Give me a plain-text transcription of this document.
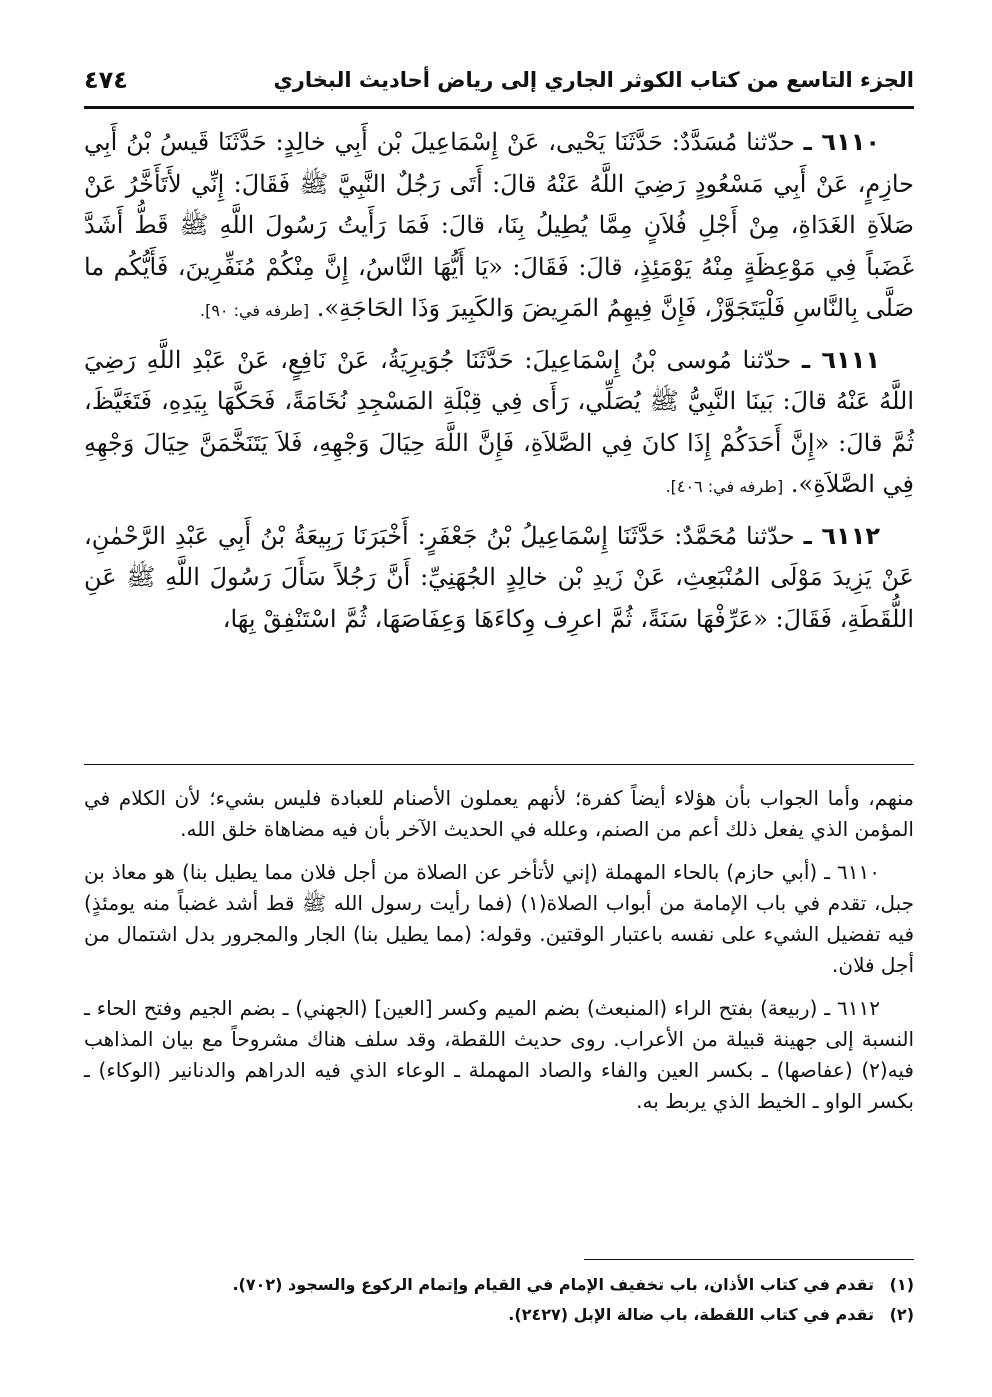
الجزء التاسع من كتاب الكوثر الجاري إلى رياض أحاديث البخاري
٤٧٤

٦١١٠ ـ حدّثنا مُسَدَّدٌ: حَدَّثَنَا يَحْيى، عَنْ إِسْمَاعِيلَ بْن أَبِي خالِدٍ: حَدَّثَنَا قَيسُ بْنُ أَبِي حازِمٍ، عَنْ أَبِي مَسْعُودٍ رَضِيَ اللَّهُ عَنْهُ قالَ: أَتَى رَجُلٌ النَّبِيَّ ﷺ فَقَالَ: إِنِّي لأَتَأَخَّرُ عَنْ صَلاَةِ الغَدَاةِ، مِنْ أَجْلِ فُلاَنٍ مِمَّا يُطِيلُ بِنَا، قالَ: فَمَا رَأَيتُ رَسُولَ اللَّهِ ﷺ قَطُّ أَشَدَّ غَضَباً فِي مَوْعِظَةٍ مِنْهُ يَوْمَئِذٍ، قالَ: فَقَالَ: «يَا أَيُّهَا النَّاسُ، إِنَّ مِنْكُمْ مُنَفِّرِينَ، فَأَيُّكُم ما صَلَّى بِالنَّاسِ فَلْيَتَجَوَّزْ، فَإِنَّ فِيهِمُ المَرِيضَ وَالكَبِيرَ وَذَا الحَاجَةِ». [طرفه في: ٩٠].

٦١١١ ـ حدّثنا مُوسى بْنُ إِسْمَاعِيلَ: حَدَّثَنَا جُوَيرِيَةُ، عَنْ نَافِعٍ، عَنْ عَبْدِ اللَّهِ رَضِيَ اللَّهُ عَنْهُ قالَ: بَينَا النَّبِيُّ ﷺ يُصَلِّي، رَأَى فِي قِبْلَةِ المَسْجِدِ نُخَامَةً، فَحَكَّهَا بِيَدِهِ، فَتَغَيَّظَ، ثُمَّ قالَ: «إِنَّ أَحَدَكُمْ إِذَا كانَ فِي الصَّلاَةِ، فَإِنَّ اللَّهَ حِيَالَ وَجْهِهِ، فَلاَ يَتَنَخَّمَنَّ حِيَالَ وَجْهِهِ فِي الصَّلاَةِ». [طرفه في: ٤٠٦].

٦١١٢ ـ حدّثنا مُحَمَّدٌ: حَدَّثَنَا إِسْمَاعِيلُ بْنُ جَعْفَرٍ: أَخْبَرَنَا رَبِيعَةُ بْنُ أَبِي عَبْدِ الرَّحْمٰنِ، عَنْ يَزِيدَ مَوْلَى المُنْبَعِثِ، عَنْ زَيدِ بْن خالِدٍ الجُهَنِيِّ: أَنَّ رَجُلاً سَأَلَ رَسُولَ اللَّهِ ﷺ عَنِ اللُّقَطَةِ، فَقَالَ: «عَرِّفْهَا سَنَةً، ثُمَّ اعرِف وِكاءَهَا وَعِفَاصَهَا، ثُمَّ اسْتَنْفِقْ بِهَا،

منهم، وأما الجواب بأن هؤلاء أيضاً كفرة؛ لأنهم يعملون الأصنام للعبادة فليس بشيء؛ لأن الكلام في المؤمن الذي يفعل ذلك أعم من الصنم، وعلله في الحديث الآخر بأن فيه مضاهاة خلق الله.

٦١١٠ ـ (أبي حازم) بالحاء المهملة (إني لأتأخر عن الصلاة من أجل فلان مما يطيل بنا) هو معاذ بن جبل، تقدم في باب الإمامة من أبواب الصلاة(١) (فما رأيت رسول الله ﷺ قط أشد غضباً منه يومئذٍ) فيه تفضيل الشيء على نفسه باعتبار الوقتين. وقوله: (مما يطيل بنا) الجار والمجرور بدل اشتمال من أجل فلان.

٦١١٢ ـ (ربيعة) بفتح الراء (المنبعث) بضم الميم وكسر [العين] (الجهني) ـ بضم الجيم وفتح الحاء ـ النسبة إلى جهينة قبيلة من الأعراب. روى حديث اللقطة، وقد سلف هناك مشروحاً مع بيان المذاهب فيه(٢) (عفاصها) ـ بكسر العين والفاء والصاد المهملة ـ الوعاء الذي فيه الدراهم والدنانير (الوكاء) ـ بكسر الواو ـ الخيط الذي يربط به.

(١)
تقدم في كتاب الأذان، باب تخفيف الإمام في القيام وإتمام الركوع والسجود (٧٠٢).
(٢)
تقدم في كتاب اللقطة، باب ضالة الإبل (٢٤٢٧).
